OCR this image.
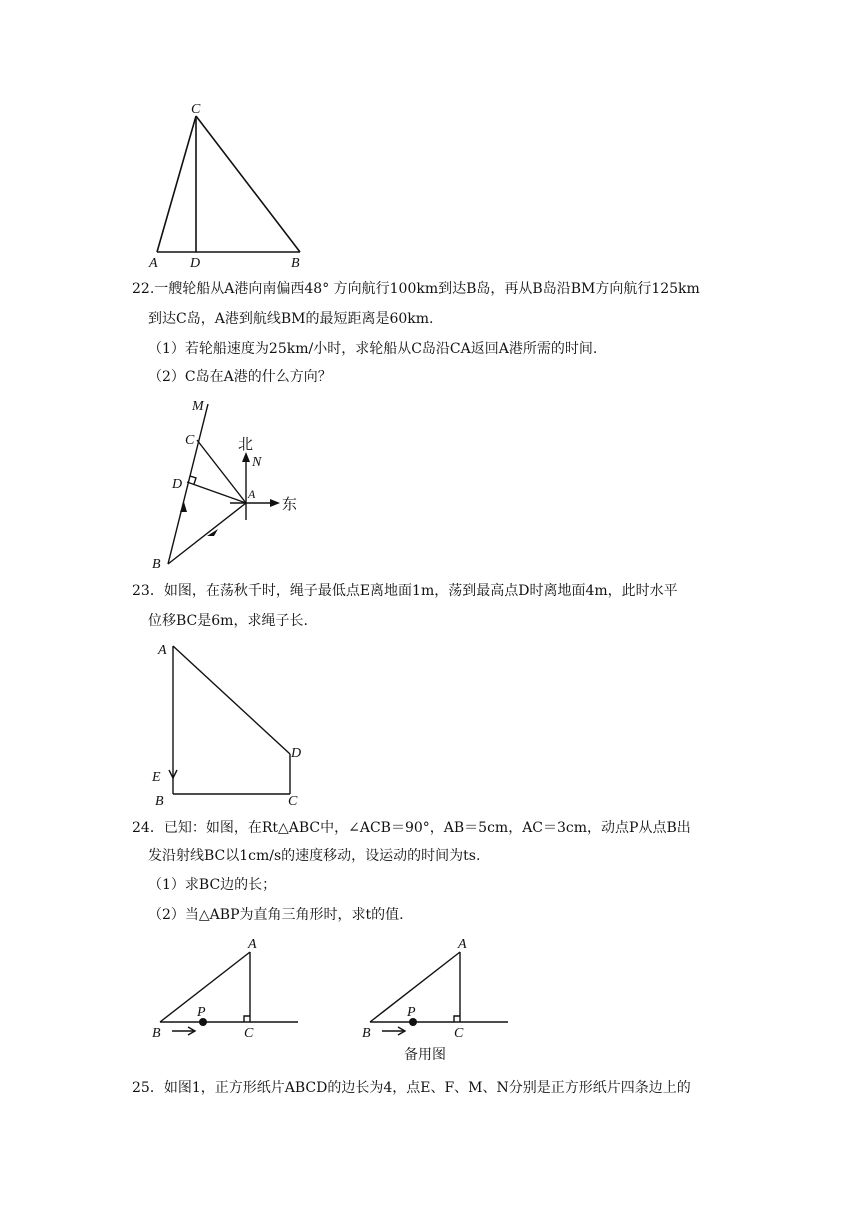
C
A D	B
22.一艘轮船从A港向南偏西48° 方向航行100km到达B岛，再从B岛沿BM方向航行125km
到达C岛，A港到航线BM的最短距离是60km.
（1）若轮船速度为25km/小时，求轮船从C岛沿CA返回A港所需的时间.
（2）C岛在A港的什么方向？
M
C
D
A
B
N
北
东
23．如图，在荡秋千时，绳子最低点E离地面1m，荡到最高点D时离地面4m，此时水平
位移BC是6m，求绳子长.
A
D
E
B	C
24．已知：如图，在Rt△ABC中，∠ACB＝90°，AB＝5cm，AC＝3cm，动点P从点B出
发沿射线BC以1cm/s的速度移动，设运动的时间为ts.
（1）求BC边的长；
（2）当△ABP为直角三角形时，求t的值.
A
B
P
C
A
B
P
C
备用图
25．如图1，正方形纸片ABCD的边长为4，点E、F、M、N分别是正方形纸片四条边上的
